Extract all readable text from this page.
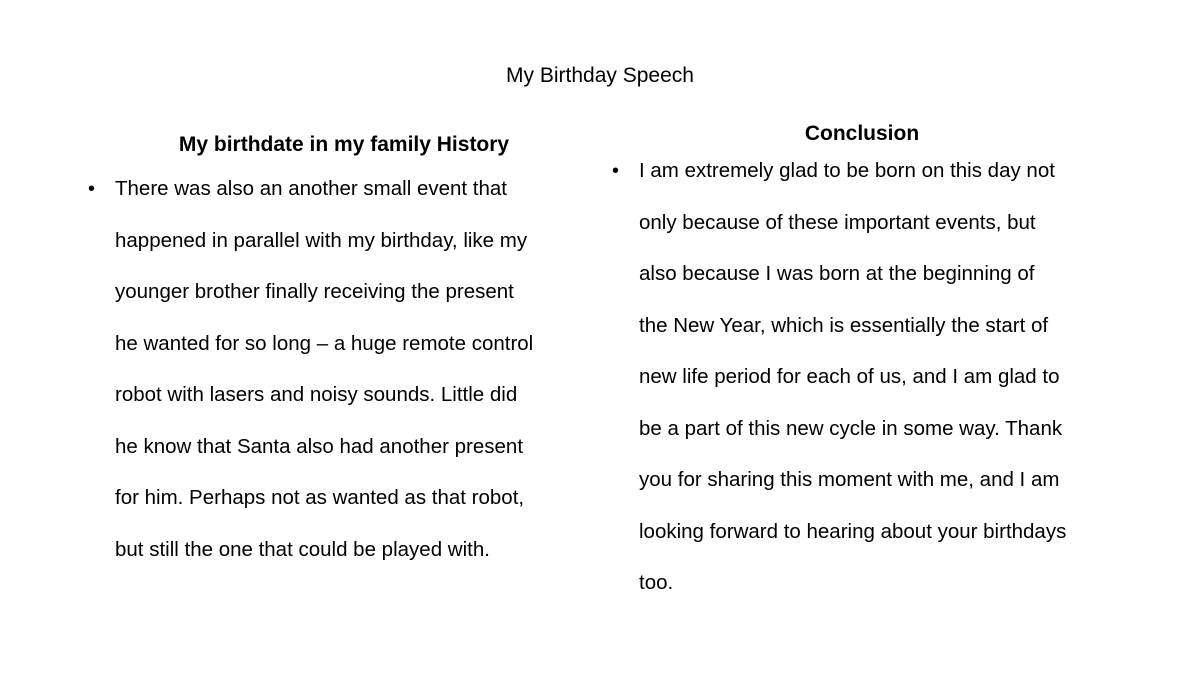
My Birthday Speech
My birthdate in my family History
• There was also an another small event that
happened in parallel with my birthday, like my
younger brother finally receiving the present
he wanted for so long – a huge remote control
robot with lasers and noisy sounds. Little did
he know that Santa also had another present
for him. Perhaps not as wanted as that robot,
but still the one that could be played with.
Conclusion
• I am extremely glad to be born on this day not
only because of these important events, but
also because I was born at the beginning of
the New Year, which is essentially the start of
new life period for each of us, and I am glad to
be a part of this new cycle in some way. Thank
you for sharing this moment with me, and I am
looking forward to hearing about your birthdays
too.
